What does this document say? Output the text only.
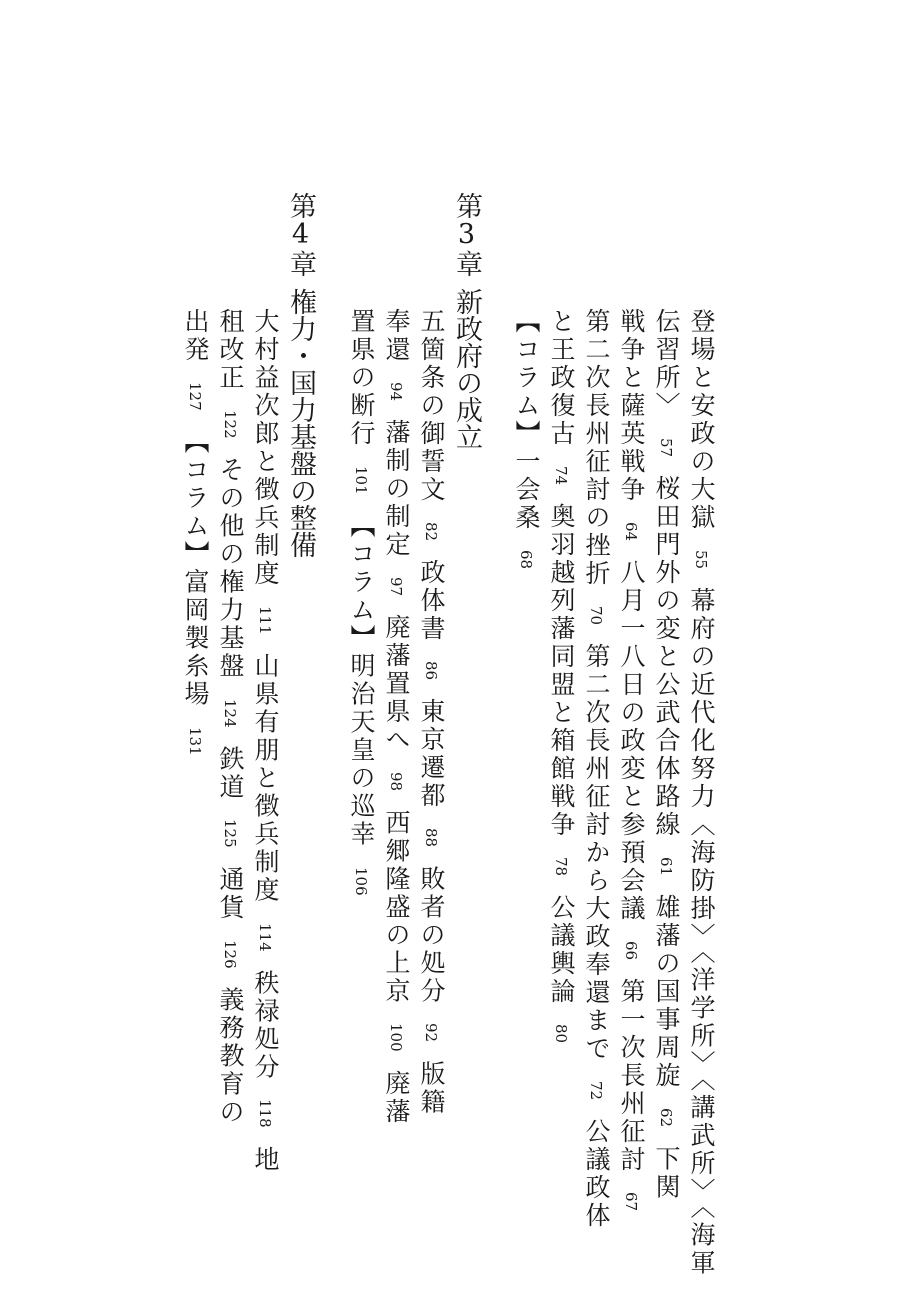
登場と安政の大獄55幕府の近代化努力〈海防掛〉〈洋学所〉〈講武所〉〈海軍
伝習所〉57桜田門外の変と公武合体路線61雄藩の国事周旋62下関
戦争と薩英戦争64八月一八日の政変と参預会議66第一次長州征討67
第二次長州征討の挫折70第二次長州征討から大政奉還まで72公議政体
と王政復古74奥羽越列藩同盟と箱館戦争78公議輿論80
【コラム】一会桑68
第3章新政府の成立
五箇条の御誓文82政体書86東京遷都88敗者の処分92版籍
奉還94藩制の制定97廃藩置県へ98西郷隆盛の上京100廃藩
置県の断行101【コラム】明治天皇の巡幸106
第4章権力・国力基盤の整備
大村益次郎と徴兵制度111山県有朋と徴兵制度114秩禄処分118地
租改正122その他の権力基盤124鉄道125通貨126義務教育の
出発127【コラム】富岡製糸場131
